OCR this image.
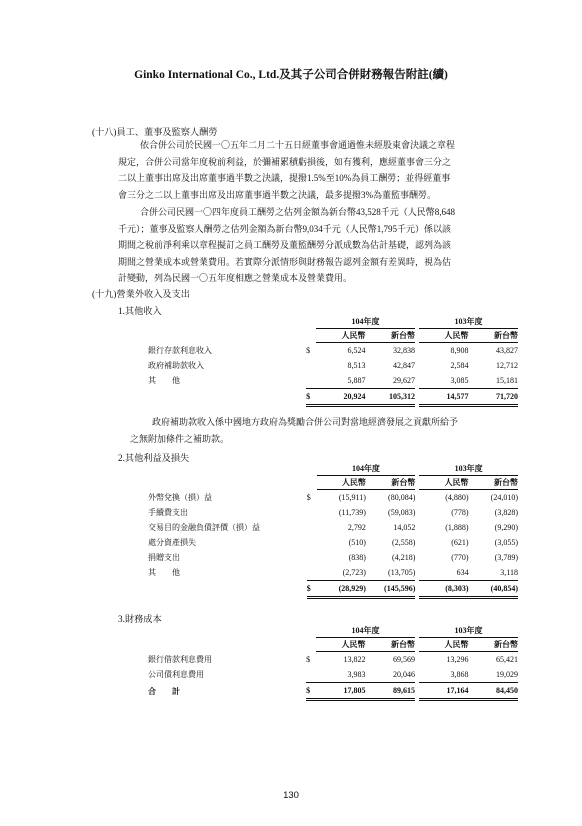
Ginko International Co., Ltd.及其子公司合併財務報告附註(續)
(十八)員工、董事及監察人酬勞

依合併公司於民國一〇五年二月二十五日經董事會通過惟未經股東會決議之章程

規定，合併公司當年度稅前利益，於彌補累積虧損後，如有獲利，應經董事會三分之

二以上董事出席及出席董事過半數之決議，提撥1.5%至10%為員工酬勞；並得經董事

會三分之二以上董事出席及出席董事過半數之決議，最多提撥3%為董監事酬勞。

合併公司民國一〇四年度員工酬勞之估列金額為新台幣43,528千元（人民幣8,648

千元）；董事及監察人酬勞之估列金額為新台幣9,034千元（人民幣1,795千元）係以該

期間之稅前淨利乘以章程擬訂之員工酬勞及董監酬勞分派成數為估計基礎，認列為該

期間之營業成本或營業費用。若實際分派情形與財務報告認列金額有差異時，視為估

計變動，列為民國一〇五年度相應之營業成本及營業費用。

(十九)營業外收入及支出
1.其他收入
		104年度			103年度	
		人民幣	新台幣		人民幣	新台幣
銀行存款利息收入	$	6,524	32,838		8,908	43,827
政府補助款收入		8,513	42,847		2,584	12,712
其　　他		5,887	29,627		3,085	15,181
	$	20,924	105,312		14,577	71,720

政府補助款收入係中國地方政府為獎勵合併公司對當地經濟發展之貢獻所給予

之無附加條件之補助款。

2.其他利益及損失
		104年度			103年度	
		人民幣	新台幣		人民幣	新台幣
外幣兌換（損）益	$	(15,911)	(80,084)		(4,880)	(24,010)
手續費支出		(11,739)	(59,083)		(778)	(3,828)
交易目的金融負債評價（損）益		2,792	14,052		(1,888)	(9,290)
處分資產損失		(510)	(2,558)		(621)	(3,055)
捐贈支出		(838)	(4,218)		(770)	(3,789)
其　　他		(2,723)	(13,705)		634	3,118
	$	(28,929)	(145,596)		(8,303)	(40,854)
3.財務成本
		104年度			103年度	
		人民幣	新台幣		人民幣	新台幣
銀行借款利息費用	$	13,822	69,569		13,296	65,421
公司債利息費用		3,983	20,046		3,868	19,029
合　　計	$	17,805	89,615		17,164	84,450
130
